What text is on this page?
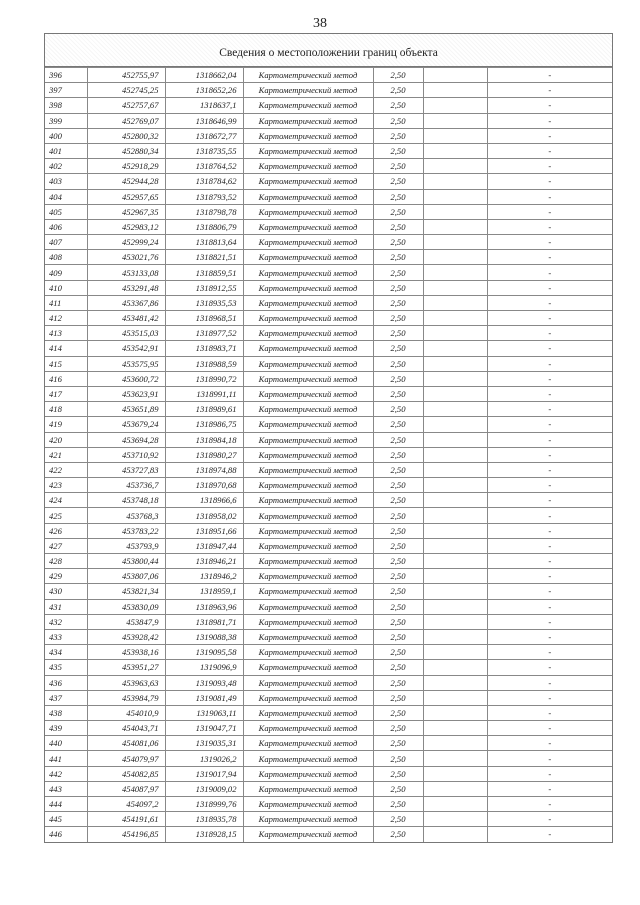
38
Сведения о местоположении границ объекта
396	452755,97	1318662,04	Картометрический метод	2,50		-
397	452745,25	1318652,26	Картометрический метод	2,50		-
398	452757,67	1318637,1	Картометрический метод	2,50		-
399	452769,07	1318646,99	Картометрический метод	2,50		-
400	452800,32	1318672,77	Картометрический метод	2,50		-
401	452880,34	1318735,55	Картометрический метод	2,50		-
402	452918,29	1318764,52	Картометрический метод	2,50		-
403	452944,28	1318784,62	Картометрический метод	2,50		-
404	452957,65	1318793,52	Картометрический метод	2,50		-
405	452967,35	1318798,78	Картометрический метод	2,50		-
406	452983,12	1318806,79	Картометрический метод	2,50		-
407	452999,24	1318813,64	Картометрический метод	2,50		-
408	453021,76	1318821,51	Картометрический метод	2,50		-
409	453133,08	1318859,51	Картометрический метод	2,50		-
410	453291,48	1318912,55	Картометрический метод	2,50		-
411	453367,86	1318935,53	Картометрический метод	2,50		-
412	453481,42	1318968,51	Картометрический метод	2,50		-
413	453515,03	1318977,52	Картометрический метод	2,50		-
414	453542,91	1318983,71	Картометрический метод	2,50		-
415	453575,95	1318988,59	Картометрический метод	2,50		-
416	453600,72	1318990,72	Картометрический метод	2,50		-
417	453623,91	1318991,11	Картометрический метод	2,50		-
418	453651,89	1318989,61	Картометрический метод	2,50		-
419	453679,24	1318986,75	Картометрический метод	2,50		-
420	453694,28	1318984,18	Картометрический метод	2,50		-
421	453710,92	1318980,27	Картометрический метод	2,50		-
422	453727,83	1318974,88	Картометрический метод	2,50		-
423	453736,7	1318970,68	Картометрический метод	2,50		-
424	453748,18	1318966,6	Картометрический метод	2,50		-
425	453768,3	1318958,02	Картометрический метод	2,50		-
426	453783,22	1318951,66	Картометрический метод	2,50		-
427	453793,9	1318947,44	Картометрический метод	2,50		-
428	453800,44	1318946,21	Картометрический метод	2,50		-
429	453807,06	1318946,2	Картометрический метод	2,50		-
430	453821,34	1318959,1	Картометрический метод	2,50		-
431	453830,09	1318963,96	Картометрический метод	2,50		-
432	453847,9	1318981,71	Картометрический метод	2,50		-
433	453928,42	1319088,38	Картометрический метод	2,50		-
434	453938,16	1319095,58	Картометрический метод	2,50		-
435	453951,27	1319096,9	Картометрический метод	2,50		-
436	453963,63	1319093,48	Картометрический метод	2,50		-
437	453984,79	1319081,49	Картометрический метод	2,50		-
438	454010,9	1319063,11	Картометрический метод	2,50		-
439	454043,71	1319047,71	Картометрический метод	2,50		-
440	454081,06	1319035,31	Картометрический метод	2,50		-
441	454079,97	1319026,2	Картометрический метод	2,50		-
442	454082,85	1319017,94	Картометрический метод	2,50		-
443	454087,97	1319009,02	Картометрический метод	2,50		-
444	454097,2	1318999,76	Картометрический метод	2,50		-
445	454191,61	1318935,78	Картометрический метод	2,50		-
446	454196,85	1318928,15	Картометрический метод	2,50		-
